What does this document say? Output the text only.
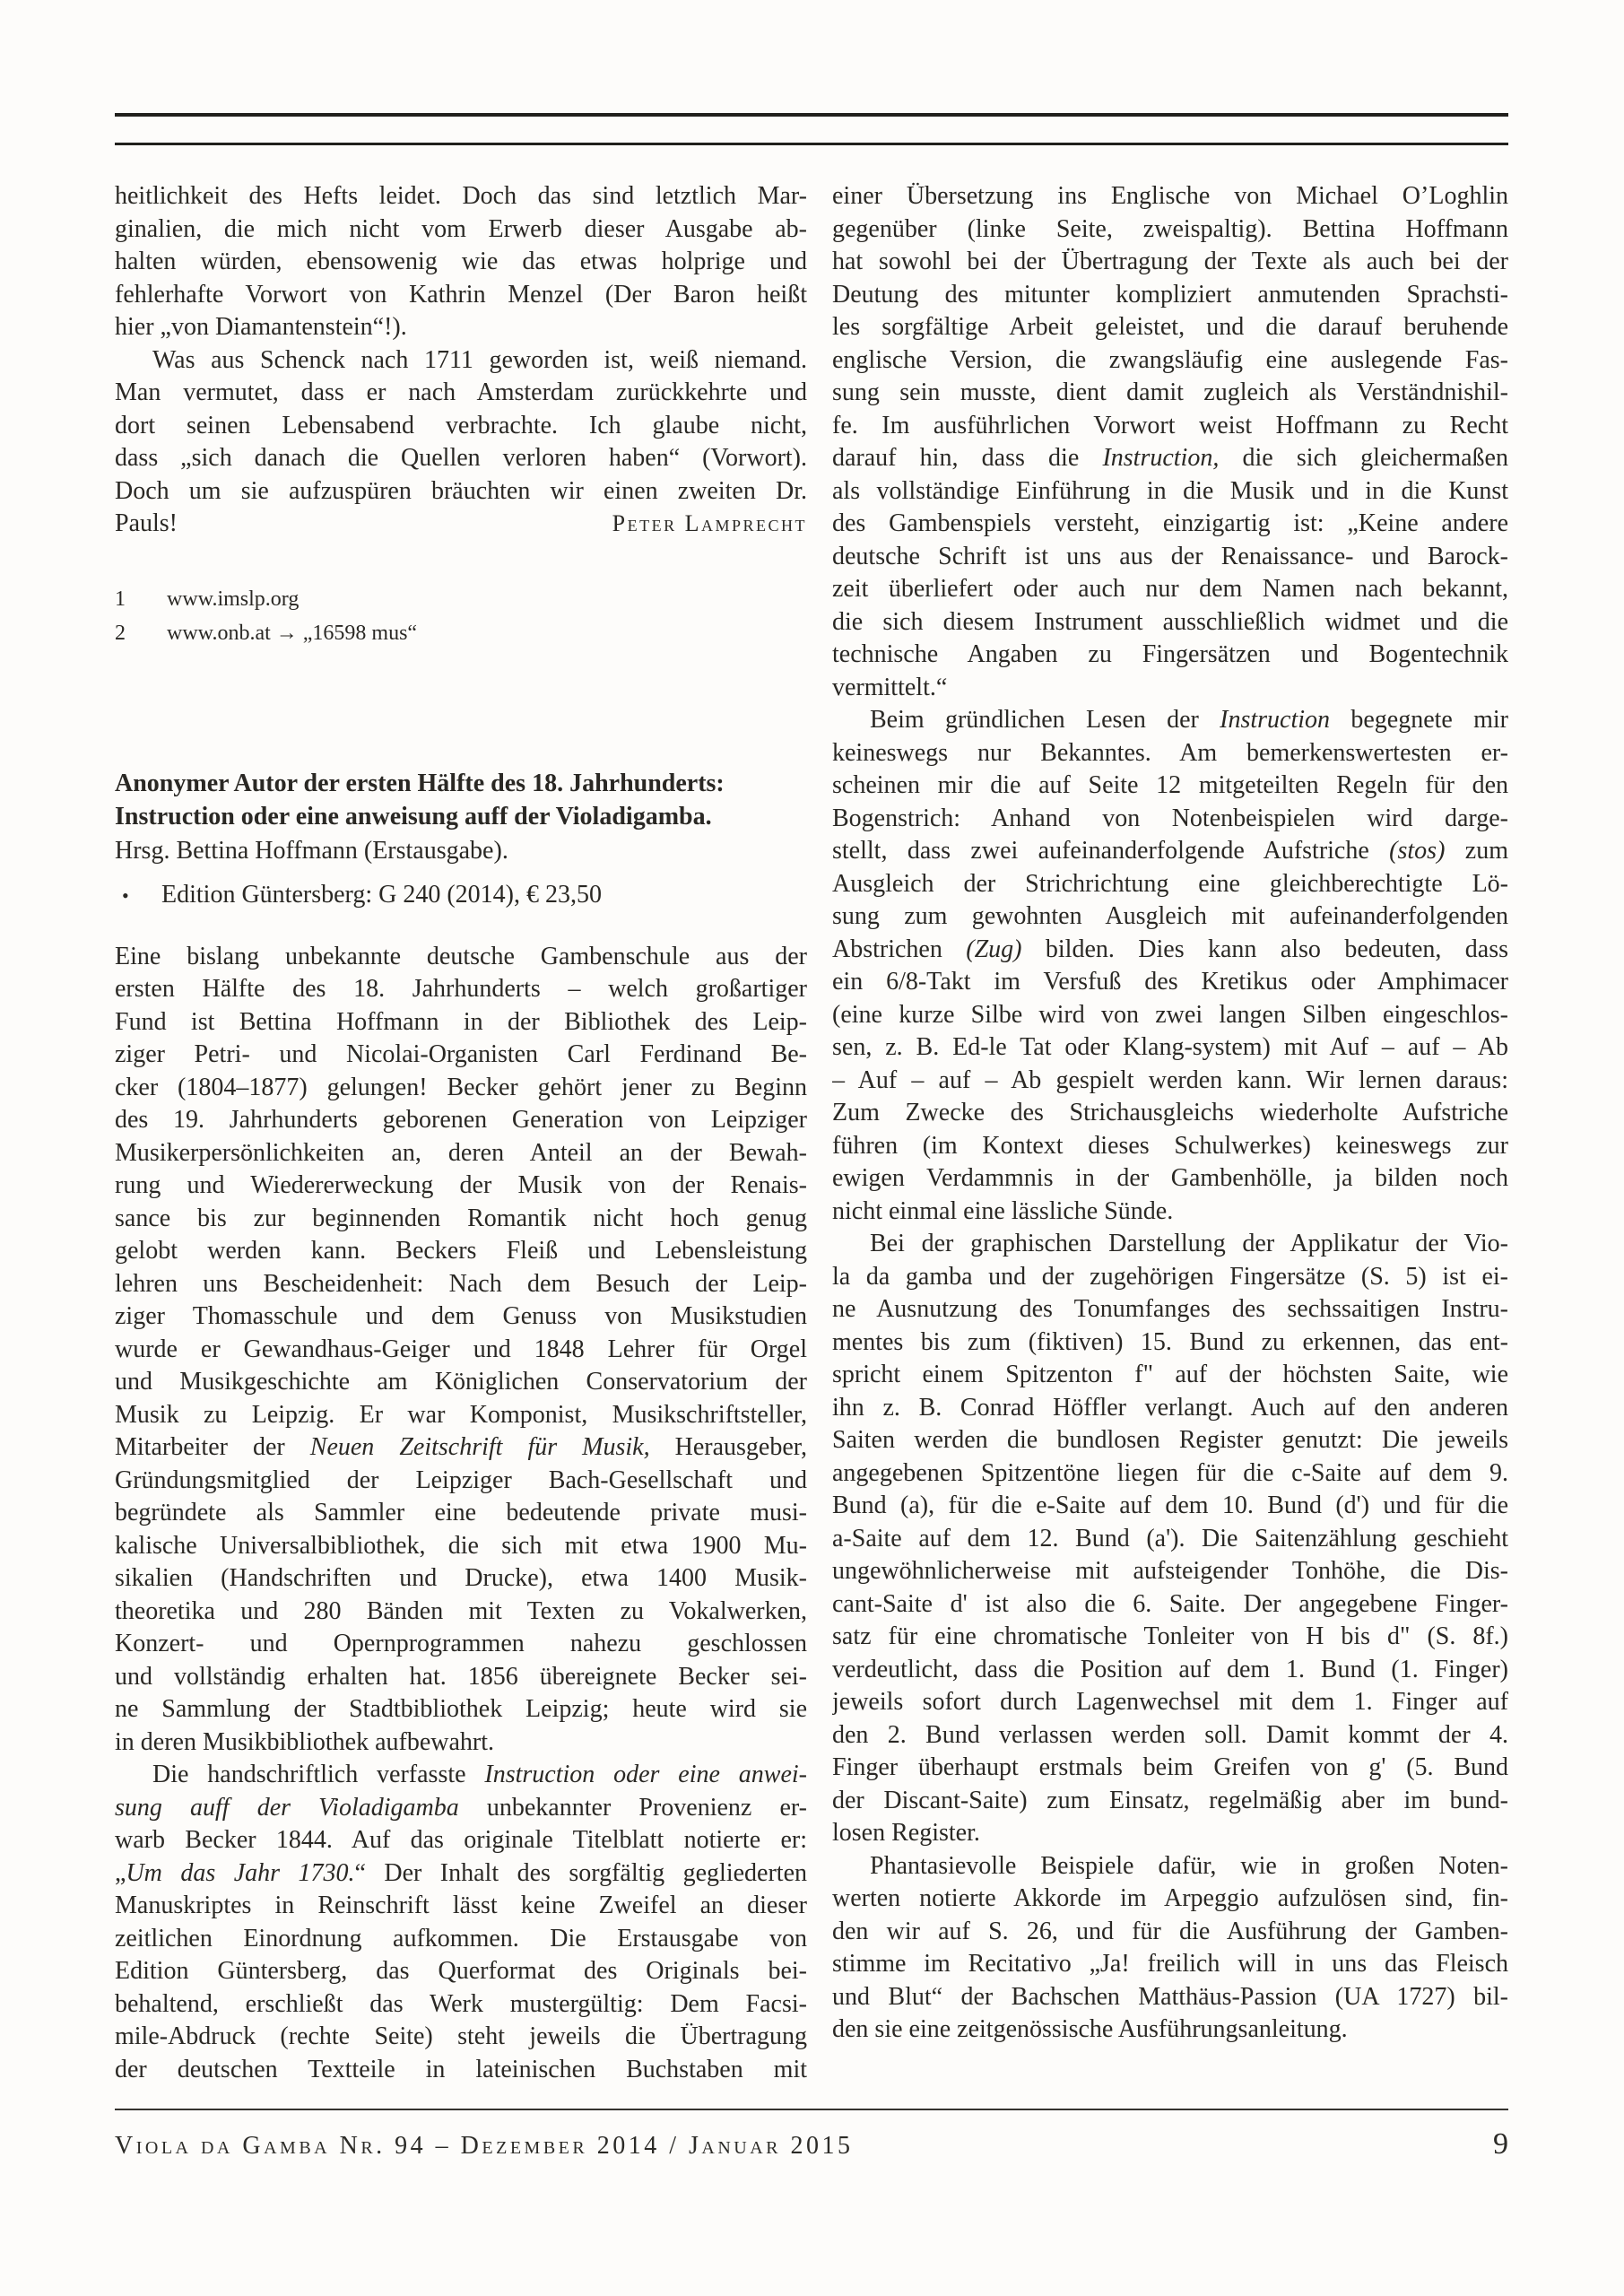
heitlichkeit des Hefts leidet. Doch das sind letztlich Mar-
ginalien, die mich nicht vom Erwerb dieser Ausgabe ab-
halten würden, ebensowenig wie das etwas holprige und
fehlerhafte Vorwort von Kathrin Menzel (Der Baron heißt
hier „von Diamantenstein“!).
Was aus Schenck nach 1711 geworden ist, weiß niemand.
Man vermutet, dass er nach Amsterdam zurückkehrte und
dort seinen Lebensabend verbrachte. Ich glaube nicht,
dass „sich danach die Quellen verloren haben“ (Vorwort).
Doch um sie aufzuspüren bräuchten wir einen zweiten Dr.
Pauls!	Peter Lamprecht
1 www.imslp.org
2 www.onb.at → „16598 mus“
Anonymer Autor der ersten Hälfte des 18. Jahrhunderts:
Instruction oder eine anweisung auff der Violadigamba.
Hrsg. Bettina Hoffmann (Erstausgabe).
• Edition Güntersberg: G 240 (2014), € 23,50
Eine bislang unbekannte deutsche Gambenschule aus der
ersten Hälfte des 18. Jahrhunderts – welch großartiger
Fund ist Bettina Hoffmann in der Bibliothek des Leip-
ziger Petri- und Nicolai-Organisten Carl Ferdinand Be-
cker (1804–1877) gelungen! Becker gehört jener zu Beginn
des 19. Jahrhunderts geborenen Generation von Leipziger
Musikerpersönlichkeiten an, deren Anteil an der Bewah-
rung und Wiedererweckung der Musik von der Renais-
sance bis zur beginnenden Romantik nicht hoch genug
gelobt werden kann. Beckers Fleiß und Lebensleistung
lehren uns Bescheidenheit: Nach dem Besuch der Leip-
ziger Thomasschule und dem Genuss von Musikstudien
wurde er Gewandhaus-Geiger und 1848 Lehrer für Orgel
und Musikgeschichte am Königlichen Conservatorium der
Musik zu Leipzig. Er war Komponist, Musikschriftsteller,
Mitarbeiter der Neuen Zeitschrift für Musik, Herausgeber,
Gründungsmitglied der Leipziger Bach-Gesellschaft und
begründete als Sammler eine bedeutende private musi-
kalische Universalbibliothek, die sich mit etwa 1900 Mu-
sikalien (Handschriften und Drucke), etwa 1400 Musik-
theoretika und 280 Bänden mit Texten zu Vokalwerken,
Konzert- und Opernprogrammen nahezu geschlossen
und vollständig erhalten hat. 1856 übereignete Becker sei-
ne Sammlung der Stadtbibliothek Leipzig; heute wird sie
in deren Musikbibliothek aufbewahrt.
Die handschriftlich verfasste Instruction oder eine anwei-
sung auff der Violadigamba unbekannter Provenienz er-
warb Becker 1844. Auf das originale Titelblatt notierte er:
„Um das Jahr 1730.“ Der Inhalt des sorgfältig gegliederten
Manuskriptes in Reinschrift lässt keine Zweifel an dieser
zeitlichen Einordnung aufkommen. Die Erstausgabe von
Edition Güntersberg, das Querformat des Originals bei-
behaltend, erschließt das Werk mustergültig: Dem Facsi-
mile-Abdruck (rechte Seite) steht jeweils die Übertragung
der deutschen Textteile in lateinischen Buchstaben mit
einer Übersetzung ins Englische von Michael O’Loghlin
gegenüber (linke Seite, zweispaltig). Bettina Hoffmann
hat sowohl bei der Übertragung der Texte als auch bei der
Deutung des mitunter kompliziert anmutenden Sprachsti-
les sorgfältige Arbeit geleistet, und die darauf beruhende
englische Version, die zwangsläufig eine auslegende Fas-
sung sein musste, dient damit zugleich als Verständnishil-
fe. Im ausführlichen Vorwort weist Hoffmann zu Recht
darauf hin, dass die Instruction, die sich gleichermaßen
als vollständige Einführung in die Musik und in die Kunst
des Gambenspiels versteht, einzigartig ist: „Keine andere
deutsche Schrift ist uns aus der Renaissance- und Barock-
zeit überliefert oder auch nur dem Namen nach bekannt,
die sich diesem Instrument ausschließlich widmet und die
technische Angaben zu Fingersätzen und Bogentechnik
vermittelt.“
Beim gründlichen Lesen der Instruction begegnete mir
keineswegs nur Bekanntes. Am bemerkenswertesten er-
scheinen mir die auf Seite 12 mitgeteilten Regeln für den
Bogenstrich: Anhand von Notenbeispielen wird darge-
stellt, dass zwei aufeinanderfolgende Aufstriche (stos) zum
Ausgleich der Strichrichtung eine gleichberechtigte Lö-
sung zum gewohnten Ausgleich mit aufeinanderfolgenden
Abstrichen (Zug) bilden. Dies kann also bedeuten, dass
ein 6/8-Takt im Versfuß des Kretikus oder Amphimacer
(eine kurze Silbe wird von zwei langen Silben eingeschlos-
sen, z. B. Ed-le Tat oder Klang-system) mit Auf – auf – Ab
– Auf – auf – Ab gespielt werden kann. Wir lernen daraus:
Zum Zwecke des Strichausgleichs wiederholte Aufstriche
führen (im Kontext dieses Schulwerkes) keineswegs zur
ewigen Verdammnis in der Gambenhölle, ja bilden noch
nicht einmal eine lässliche Sünde.
Bei der graphischen Darstellung der Applikatur der Vio-
la da gamba und der zugehörigen Fingersätze (S. 5) ist ei-
ne Ausnutzung des Tonumfanges des sechssaitigen Instru-
mentes bis zum (fiktiven) 15. Bund zu erkennen, das ent-
spricht einem Spitzenton f" auf der höchsten Saite, wie
ihn z. B. Conrad Höffler verlangt. Auch auf den anderen
Saiten werden die bundlosen Register genutzt: Die jeweils
angegebenen Spitzentöne liegen für die c-Saite auf dem 9.
Bund (a), für die e-Saite auf dem 10. Bund (d') und für die
a-Saite auf dem 12. Bund (a'). Die Saitenzählung geschieht
ungewöhnlicherweise mit aufsteigender Tonhöhe, die Dis-
cant-Saite d' ist also die 6. Saite. Der angegebene Finger-
satz für eine chromatische Tonleiter von H bis d" (S. 8f.)
verdeutlicht, dass die Position auf dem 1. Bund (1. Finger)
jeweils sofort durch Lagenwechsel mit dem 1. Finger auf
den 2. Bund verlassen werden soll. Damit kommt der 4.
Finger überhaupt erstmals beim Greifen von g' (5. Bund
der Discant-Saite) zum Einsatz, regelmäßig aber im bund-
losen Register.
Phantasievolle Beispiele dafür, wie in großen Noten-
werten notierte Akkorde im Arpeggio aufzulösen sind, fin-
den wir auf S. 26, und für die Ausführung der Gamben-
stimme im Recitativo „Ja! freilich will in uns das Fleisch
und Blut“ der Bachschen Matthäus-Passion (UA 1727) bil-
den sie eine zeitgenössische Ausführungsanleitung.
Viola da Gamba Nr. 94 – Dezember 2014 / Januar 2015	9
